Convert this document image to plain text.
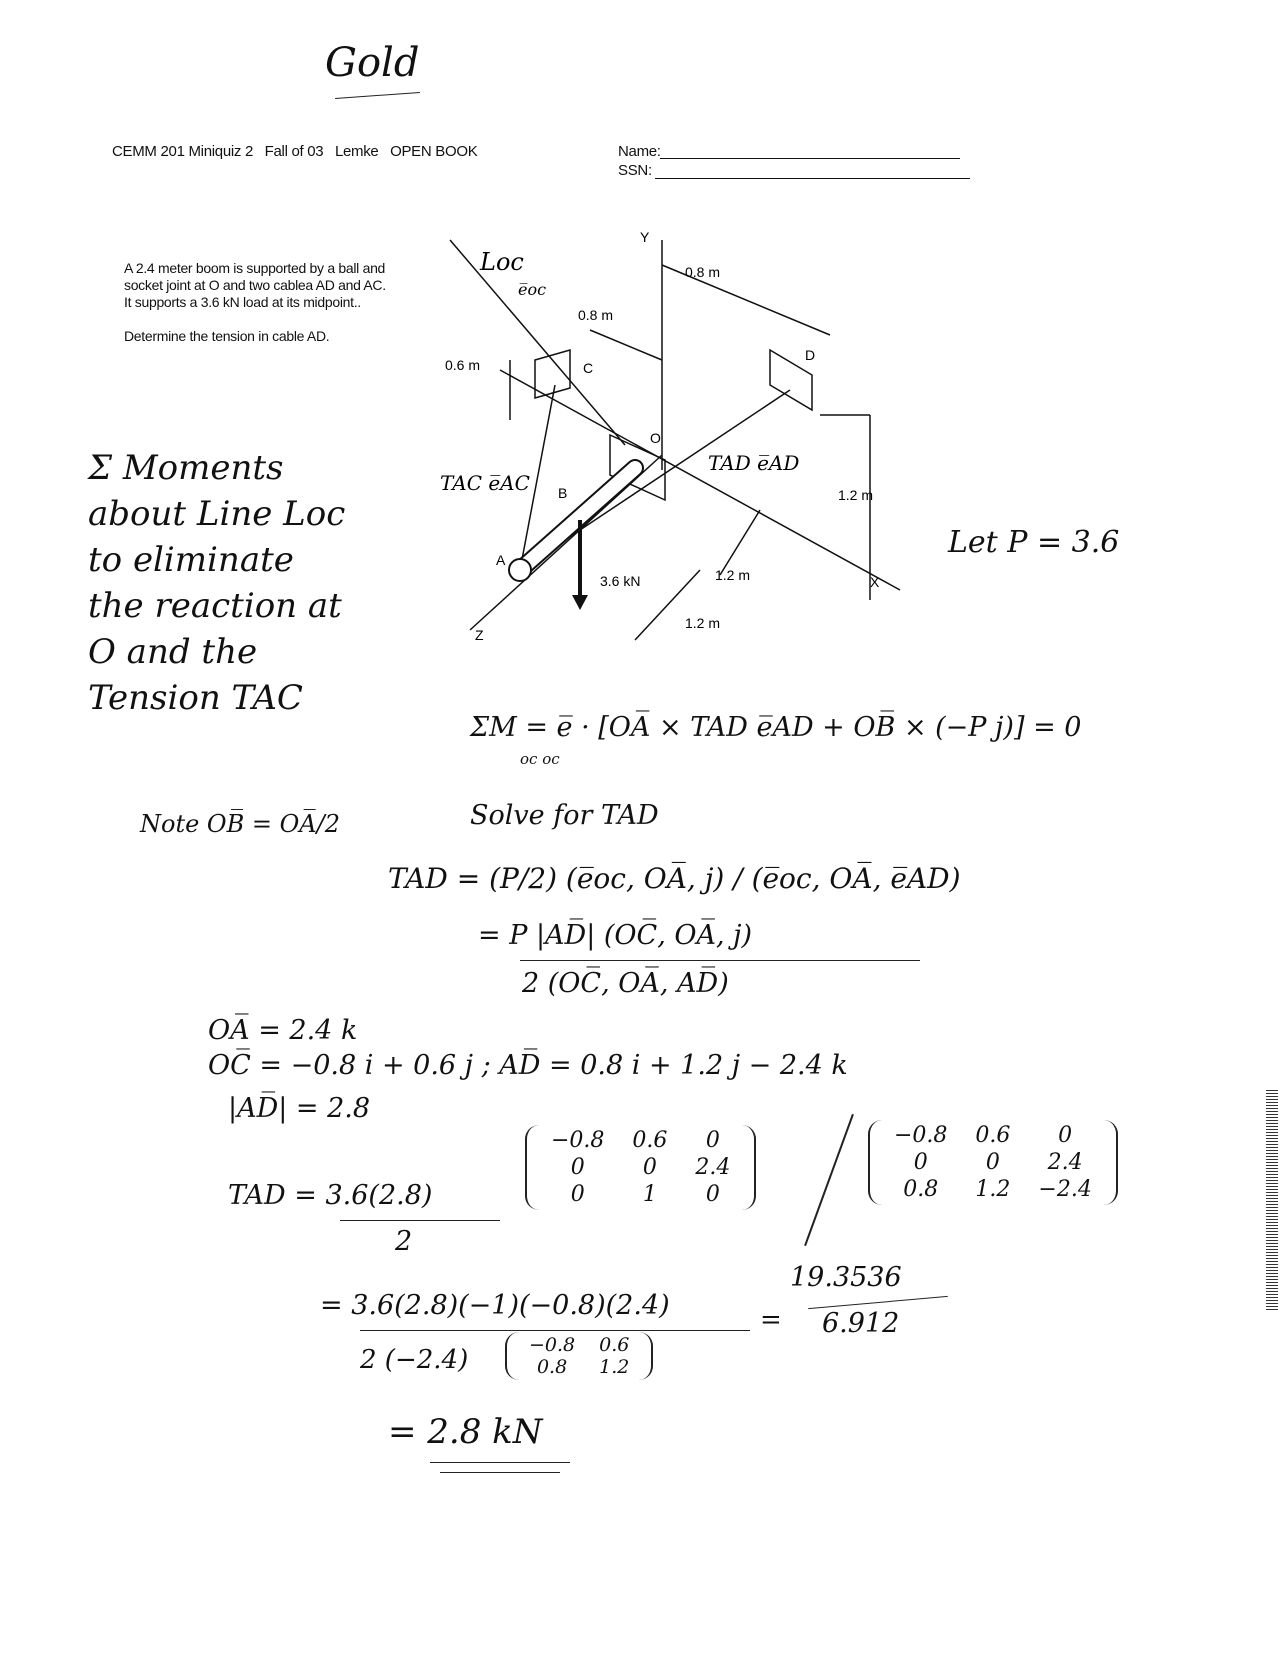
Gold
CEMM 201 Miniquiz 2 Fall of 03 Lemke OPEN BOOK	Name:
SSN:
A 2.4 meter boom is supported by a ball and
socket joint at O and two cablea AD and AC.
It supports a 3.6 kN load at its midpoint..
Determine the tension in cable AD.
Y
X
Z
A
B
C
D
O
0.8 m
0.8 m
0.6 m
1.2 m
1.2 m
1.2 m
3.6 kN
Loc
e̅oc
TAC e̅AC
TAD e̅AD
Σ Moments
about Line Loc
to eliminate
the reaction at
O and the
Tension TAC
Let P = 3.6
Note OB̅ = OA̅/2
ΣM = e̅ · [OA̅ × TAD e̅AD + OB̅ × (−P j)] = 0
oc oc
Solve for TAD
TAD = (P/2) (e̅oc, OA̅, j) / (e̅oc, OA̅, e̅AD)
= P |AD̅| (OC̅, OA̅, j)
2 (OC̅, OA̅, AD̅)
OA̅ = 2.4 k
OC̅ = −0.8 i + 0.6 j ; AD̅ = 0.8 i + 1.2 j − 2.4 k
|AD̅| = 2.8
TAD = 3.6(2.8)
2
−0.8	0.6	0
0	0	2.4
0	1	0
−0.8	0.6	0
0	0	2.4
0.8	1.2	−2.4
= 3.6(2.8)(−1)(−0.8)(2.4)
2 (−2.4)	−0.8	0.6
0.8	1.2
=
19.3536
6.912
= 2.8 kN
